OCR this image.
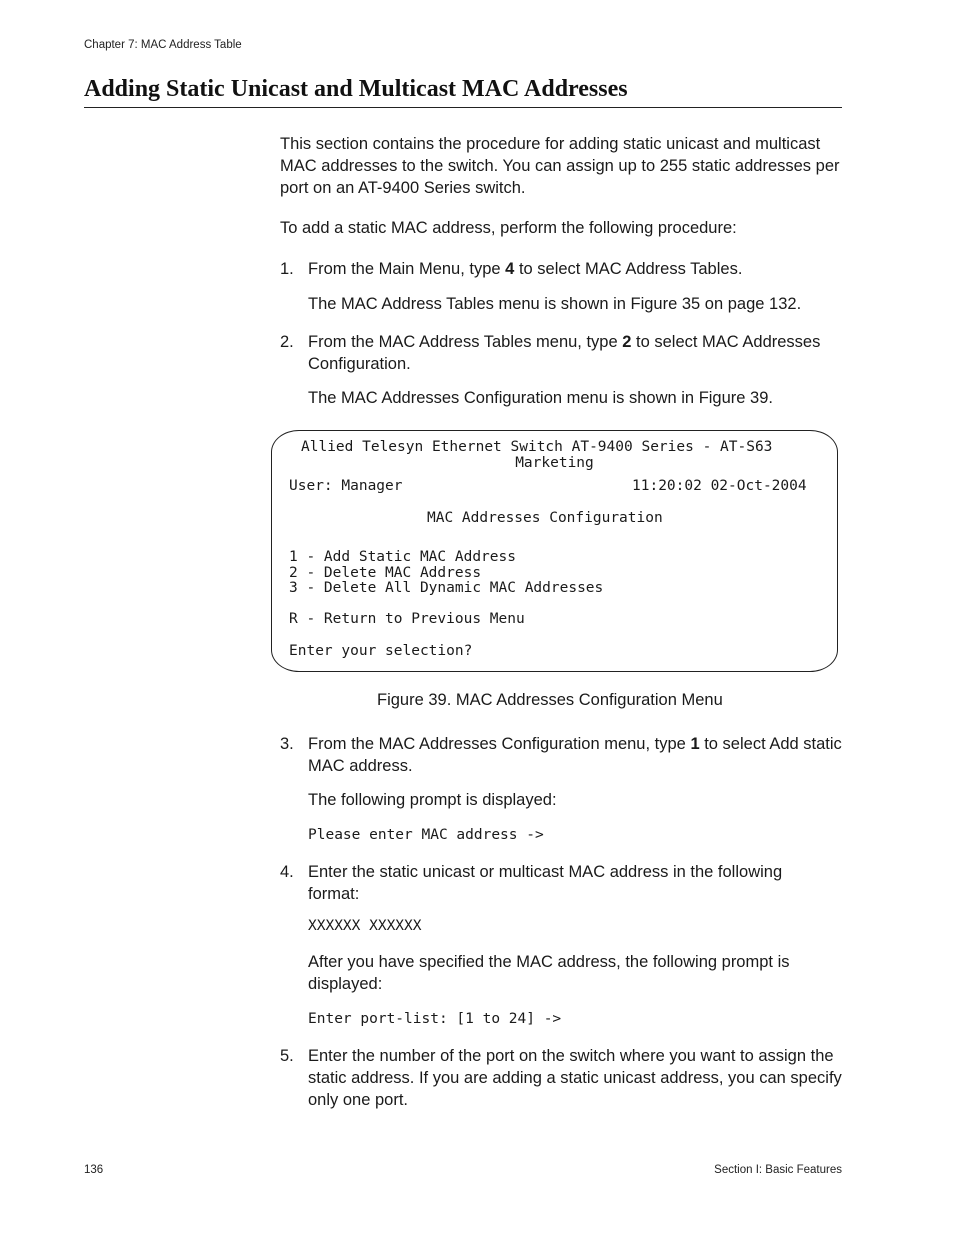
Chapter 7: MAC Address Table
Adding Static Unicast and Multicast MAC Addresses
This section contains the procedure for adding static unicast and multicast MAC addresses to the switch. You can assign up to 255 static addresses per port on an AT-9400 Series switch.
To add a static MAC address, perform the following procedure:
1. From the Main Menu, type 4 to select MAC Address Tables.
The MAC Address Tables menu is shown in Figure 35 on page 132.
2. From the MAC Address Tables menu, type 2 to select MAC Addresses Configuration.
The MAC Addresses Configuration menu is shown in Figure 39.
Allied Telesyn Ethernet Switch AT-9400 Series - AT-S63
Marketing
User: Manager	11:20:02 02-Oct-2004
MAC Addresses Configuration
1 - Add Static MAC Address
2 - Delete MAC Address
3 - Delete All Dynamic MAC Addresses
R - Return to Previous Menu
Enter your selection?
Figure 39. MAC Addresses Configuration Menu
3. From the MAC Addresses Configuration menu, type 1 to select Add static MAC address.
The following prompt is displayed:
Please enter MAC address ->
4. Enter the static unicast or multicast MAC address in the following format:
XXXXXX XXXXXX
After you have specified the MAC address, the following prompt is displayed:
Enter port-list: [1 to 24] ->
5. Enter the number of the port on the switch where you want to assign the static address. If you are adding a static unicast address, you can specify only one port.
136	Section I: Basic Features
